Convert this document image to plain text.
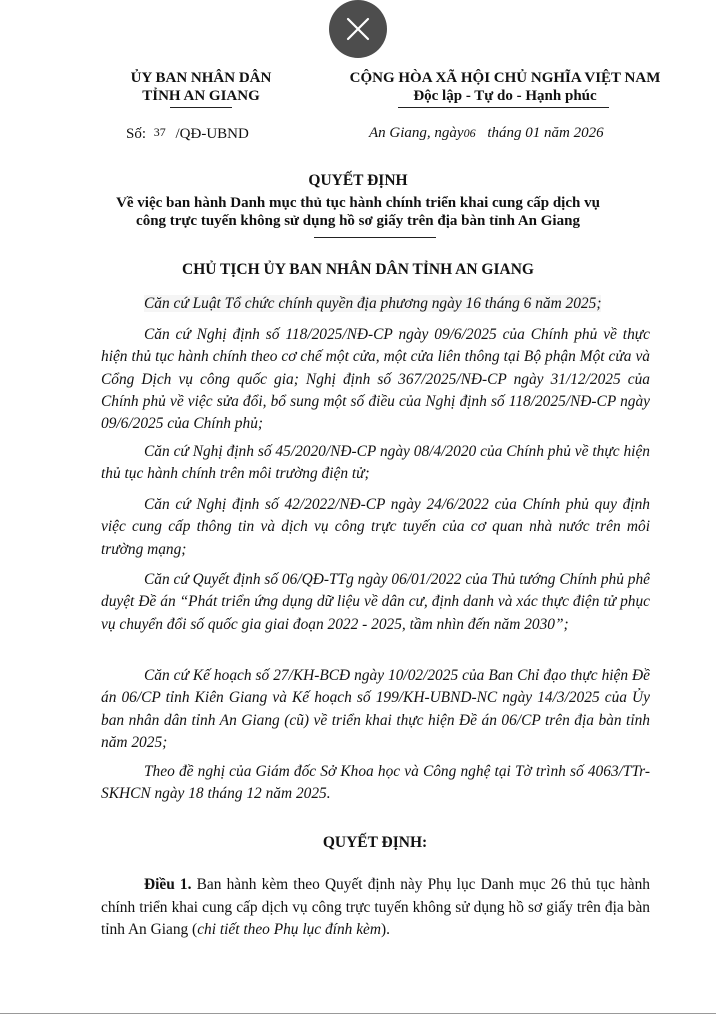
ỦY BAN NHÂN DÂN
TỈNH AN GIANG
CỘNG HÒA XÃ HỘI CHỦ NGHĨA VIỆT NAM
Độc lập - Tự do - Hạnh phúc
Số: 37 /QĐ-UBND	An Giang, ngày06 tháng 01 năm 2026
QUYẾT ĐỊNH
Về việc ban hành Danh mục thủ tục hành chính triển khai cung cấp dịch vụ
công trực tuyến không sử dụng hồ sơ giấy trên địa bàn tỉnh An Giang
CHỦ TỊCH ỦY BAN NHÂN DÂN TỈNH AN GIANG
Căn cứ Luật Tổ chức chính quyền địa phương ngày 16 tháng 6 năm 2025;
Căn cứ Nghị định số 118/2025/NĐ-CP ngày 09/6/2025 của Chính phủ về thực hiện thủ tục hành chính theo cơ chế một cửa, một cửa liên thông tại Bộ phận Một cửa và Cổng Dịch vụ công quốc gia; Nghị định số 367/2025/NĐ-CP ngày 31/12/2025 của Chính phủ về việc sửa đổi, bổ sung một số điều của Nghị định số 118/2025/NĐ-CP ngày 09/6/2025 của Chính phủ;
Căn cứ Nghị định số 45/2020/NĐ-CP ngày 08/4/2020 của Chính phủ về thực hiện thủ tục hành chính trên môi trường điện tử;
Căn cứ Nghị định số 42/2022/NĐ-CP ngày 24/6/2022 của Chính phủ quy định việc cung cấp thông tin và dịch vụ công trực tuyến của cơ quan nhà nước trên môi trường mạng;
Căn cứ Quyết định số 06/QĐ-TTg ngày 06/01/2022 của Thủ tướng Chính phủ phê duyệt Đề án “Phát triển ứng dụng dữ liệu về dân cư, định danh và xác thực điện tử phục vụ chuyển đổi số quốc gia giai đoạn 2022 - 2025, tầm nhìn đến năm 2030”;
Căn cứ Kế hoạch số 27/KH-BCĐ ngày 10/02/2025 của Ban Chỉ đạo thực hiện Đề án 06/CP tỉnh Kiên Giang và Kế hoạch số 199/KH-UBND-NC ngày 14/3/2025 của Ủy ban nhân dân tỉnh An Giang (cũ) về triển khai thực hiện Đề án 06/CP trên địa bàn tỉnh năm 2025;
Theo đề nghị của Giám đốc Sở Khoa học và Công nghệ tại Tờ trình số 4063/TTr-SKHCN ngày 18 tháng 12 năm 2025.
QUYẾT ĐỊNH:
Điều 1. Ban hành kèm theo Quyết định này Phụ lục Danh mục 26 thủ tục hành chính triển khai cung cấp dịch vụ công trực tuyến không sử dụng hồ sơ giấy trên địa bàn tỉnh An Giang (chi tiết theo Phụ lục đính kèm).
